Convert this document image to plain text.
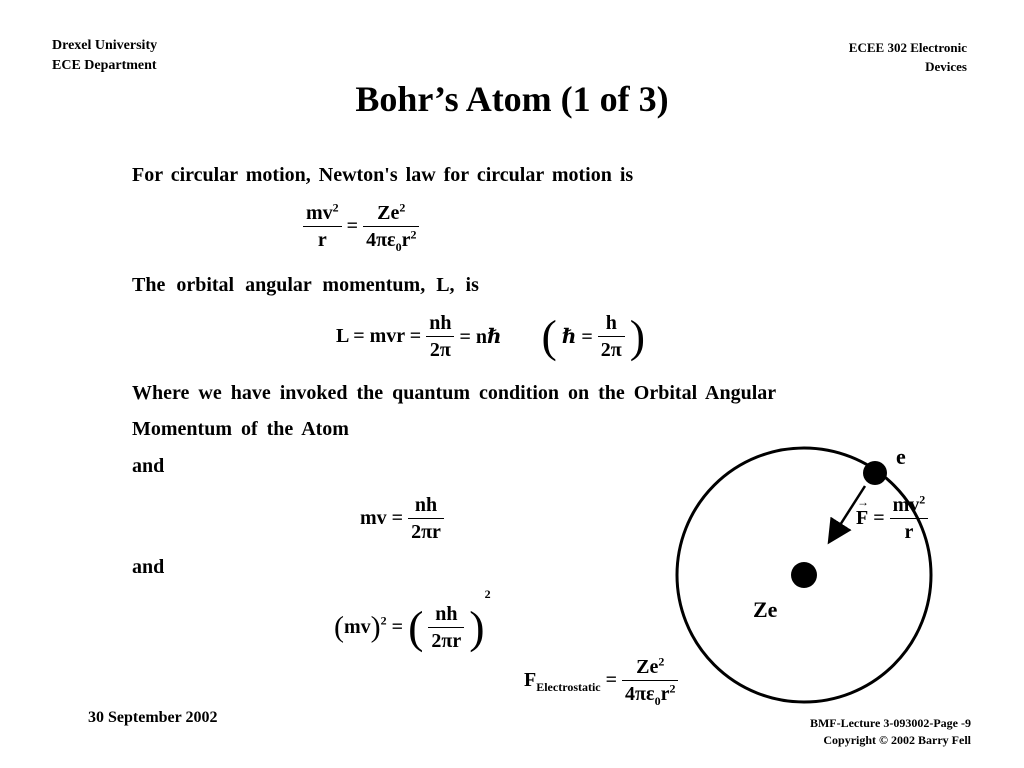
Drexel University
ECE Department
ECEE 302 Electronic
Devices
Bohr’s Atom (1 of 3)
For circular motion, Newton's law for circular motion is
The orbital angular momentum, L, is
Where we have invoked the quantum condition on the Orbital Angular
Momentum of the Atom
and
and
$\frac{mv^2}{r} = \frac{Ze^2}{4\pi\varepsilon_0r^2}$
L = mvr = $\frac{nh}{2\pi}$ = nℏ ( ℏ = $\frac{h}{2\pi}$ )
mv = $\frac{nh}{2\pi r}$
(mv)$^2$ = ( $\frac{nh}{2\pi r} )^2$
$F_{Electrostatic} = \frac{Ze^2}{4\pi\varepsilon_0r^2}$
e
Ze
→
$F = \frac{mv^2}{r}$
30 September 2002	BMF-Lecture 3-093002-Page -9
Copyright © 2002 Barry Fell
